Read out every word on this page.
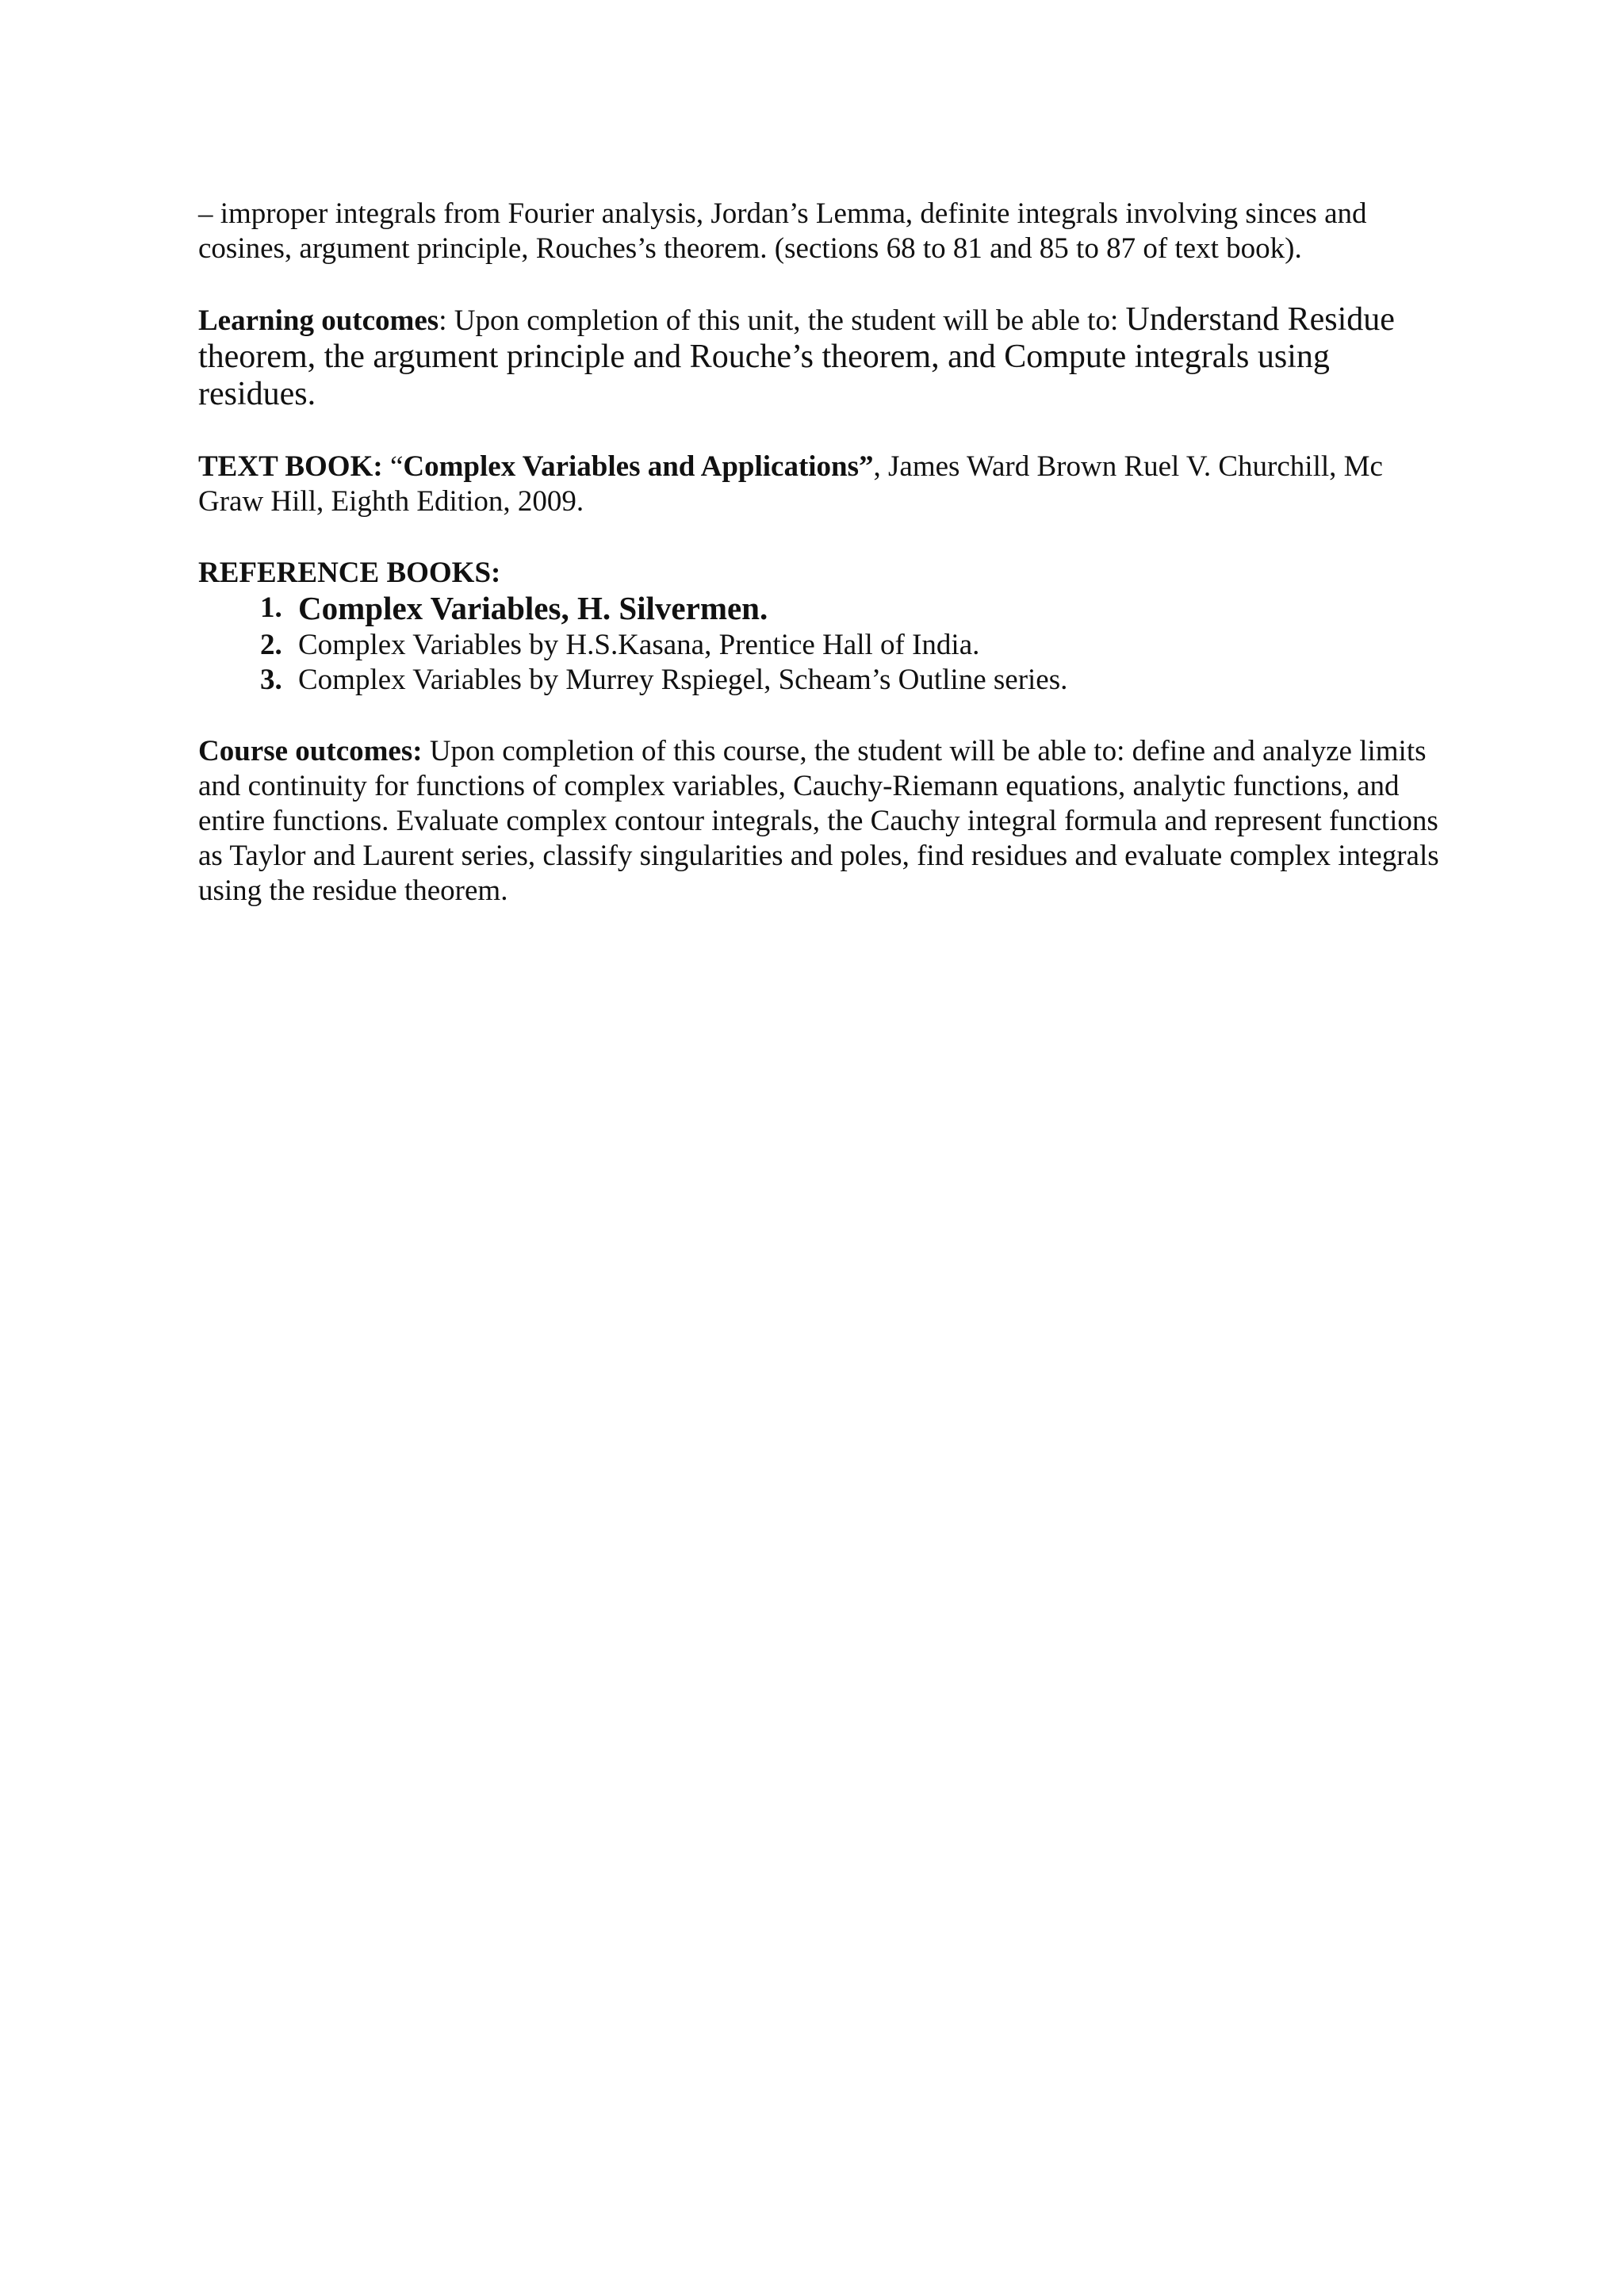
– improper integrals from Fourier analysis, Jordan’s Lemma, definite integrals involving sinces and cosines, argument principle, Rouches’s theorem. (sections 68 to 81 and 85 to 87 of text book).

Learning outcomes: Upon completion of this unit, the student will be able to: Understand Residue theorem, the argument principle and Rouche’s theorem, and Compute integrals using residues.

TEXT BOOK: “Complex Variables and Applications”, James Ward Brown Ruel V. Churchill, Mc Graw Hill, Eighth Edition, 2009.

REFERENCE BOOKS:

1. Complex Variables, H. Silvermen.
2. Complex Variables by H.S.Kasana, Prentice Hall of India.
3. Complex Variables by Murrey Rspiegel, Scheam’s Outline series.

Course outcomes: Upon completion of this course, the student will be able to: define and analyze limits and continuity for functions of complex variables, Cauchy-Riemann equations, analytic functions, and entire functions. Evaluate complex contour integrals, the Cauchy integral formula and represent functions as Taylor and Laurent series, classify singularities and poles, find residues and evaluate complex integrals using the residue theorem.
